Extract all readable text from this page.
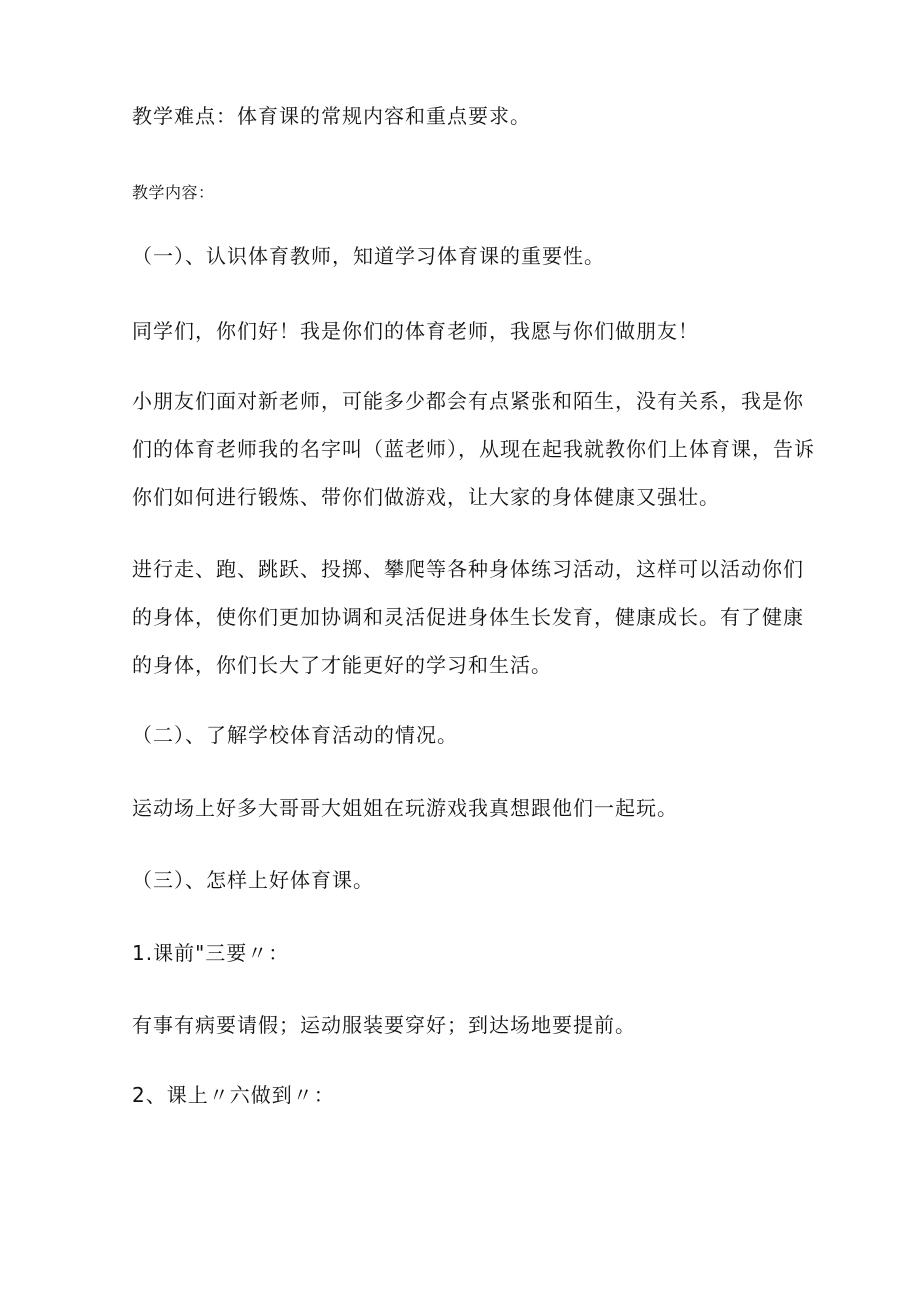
教学难点：体育课的常规内容和重点要求。
教学内容：
（一）、认识体育教师，知道学习体育课的重要性。
同学们，你们好！我是你们的体育老师，我愿与你们做朋友！
小朋友们面对新老师，可能多少都会有点紧张和陌生，没有关系，我是你
们的体育老师我的名字叫（蓝老师），从现在起我就教你们上体育课，告诉
你们如何进行锻炼、带你们做游戏，让大家的身体健康又强壮。
进行走、跑、跳跃、投掷、攀爬等各种身体练习活动，这样可以活动你们
的身体，使你们更加协调和灵活促进身体生长发育，健康成长。有了健康
的身体，你们长大了才能更好的学习和生活。
（二）、了解学校体育活动的情况。
运动场上好多大哥哥大姐姐在玩游戏我真想跟他们一起玩。
（三）、怎样上好体育课。
1.课前"三要〃：
有事有病要请假；运动服装要穿好；到达场地要提前。
2、课上〃六做到〃：
